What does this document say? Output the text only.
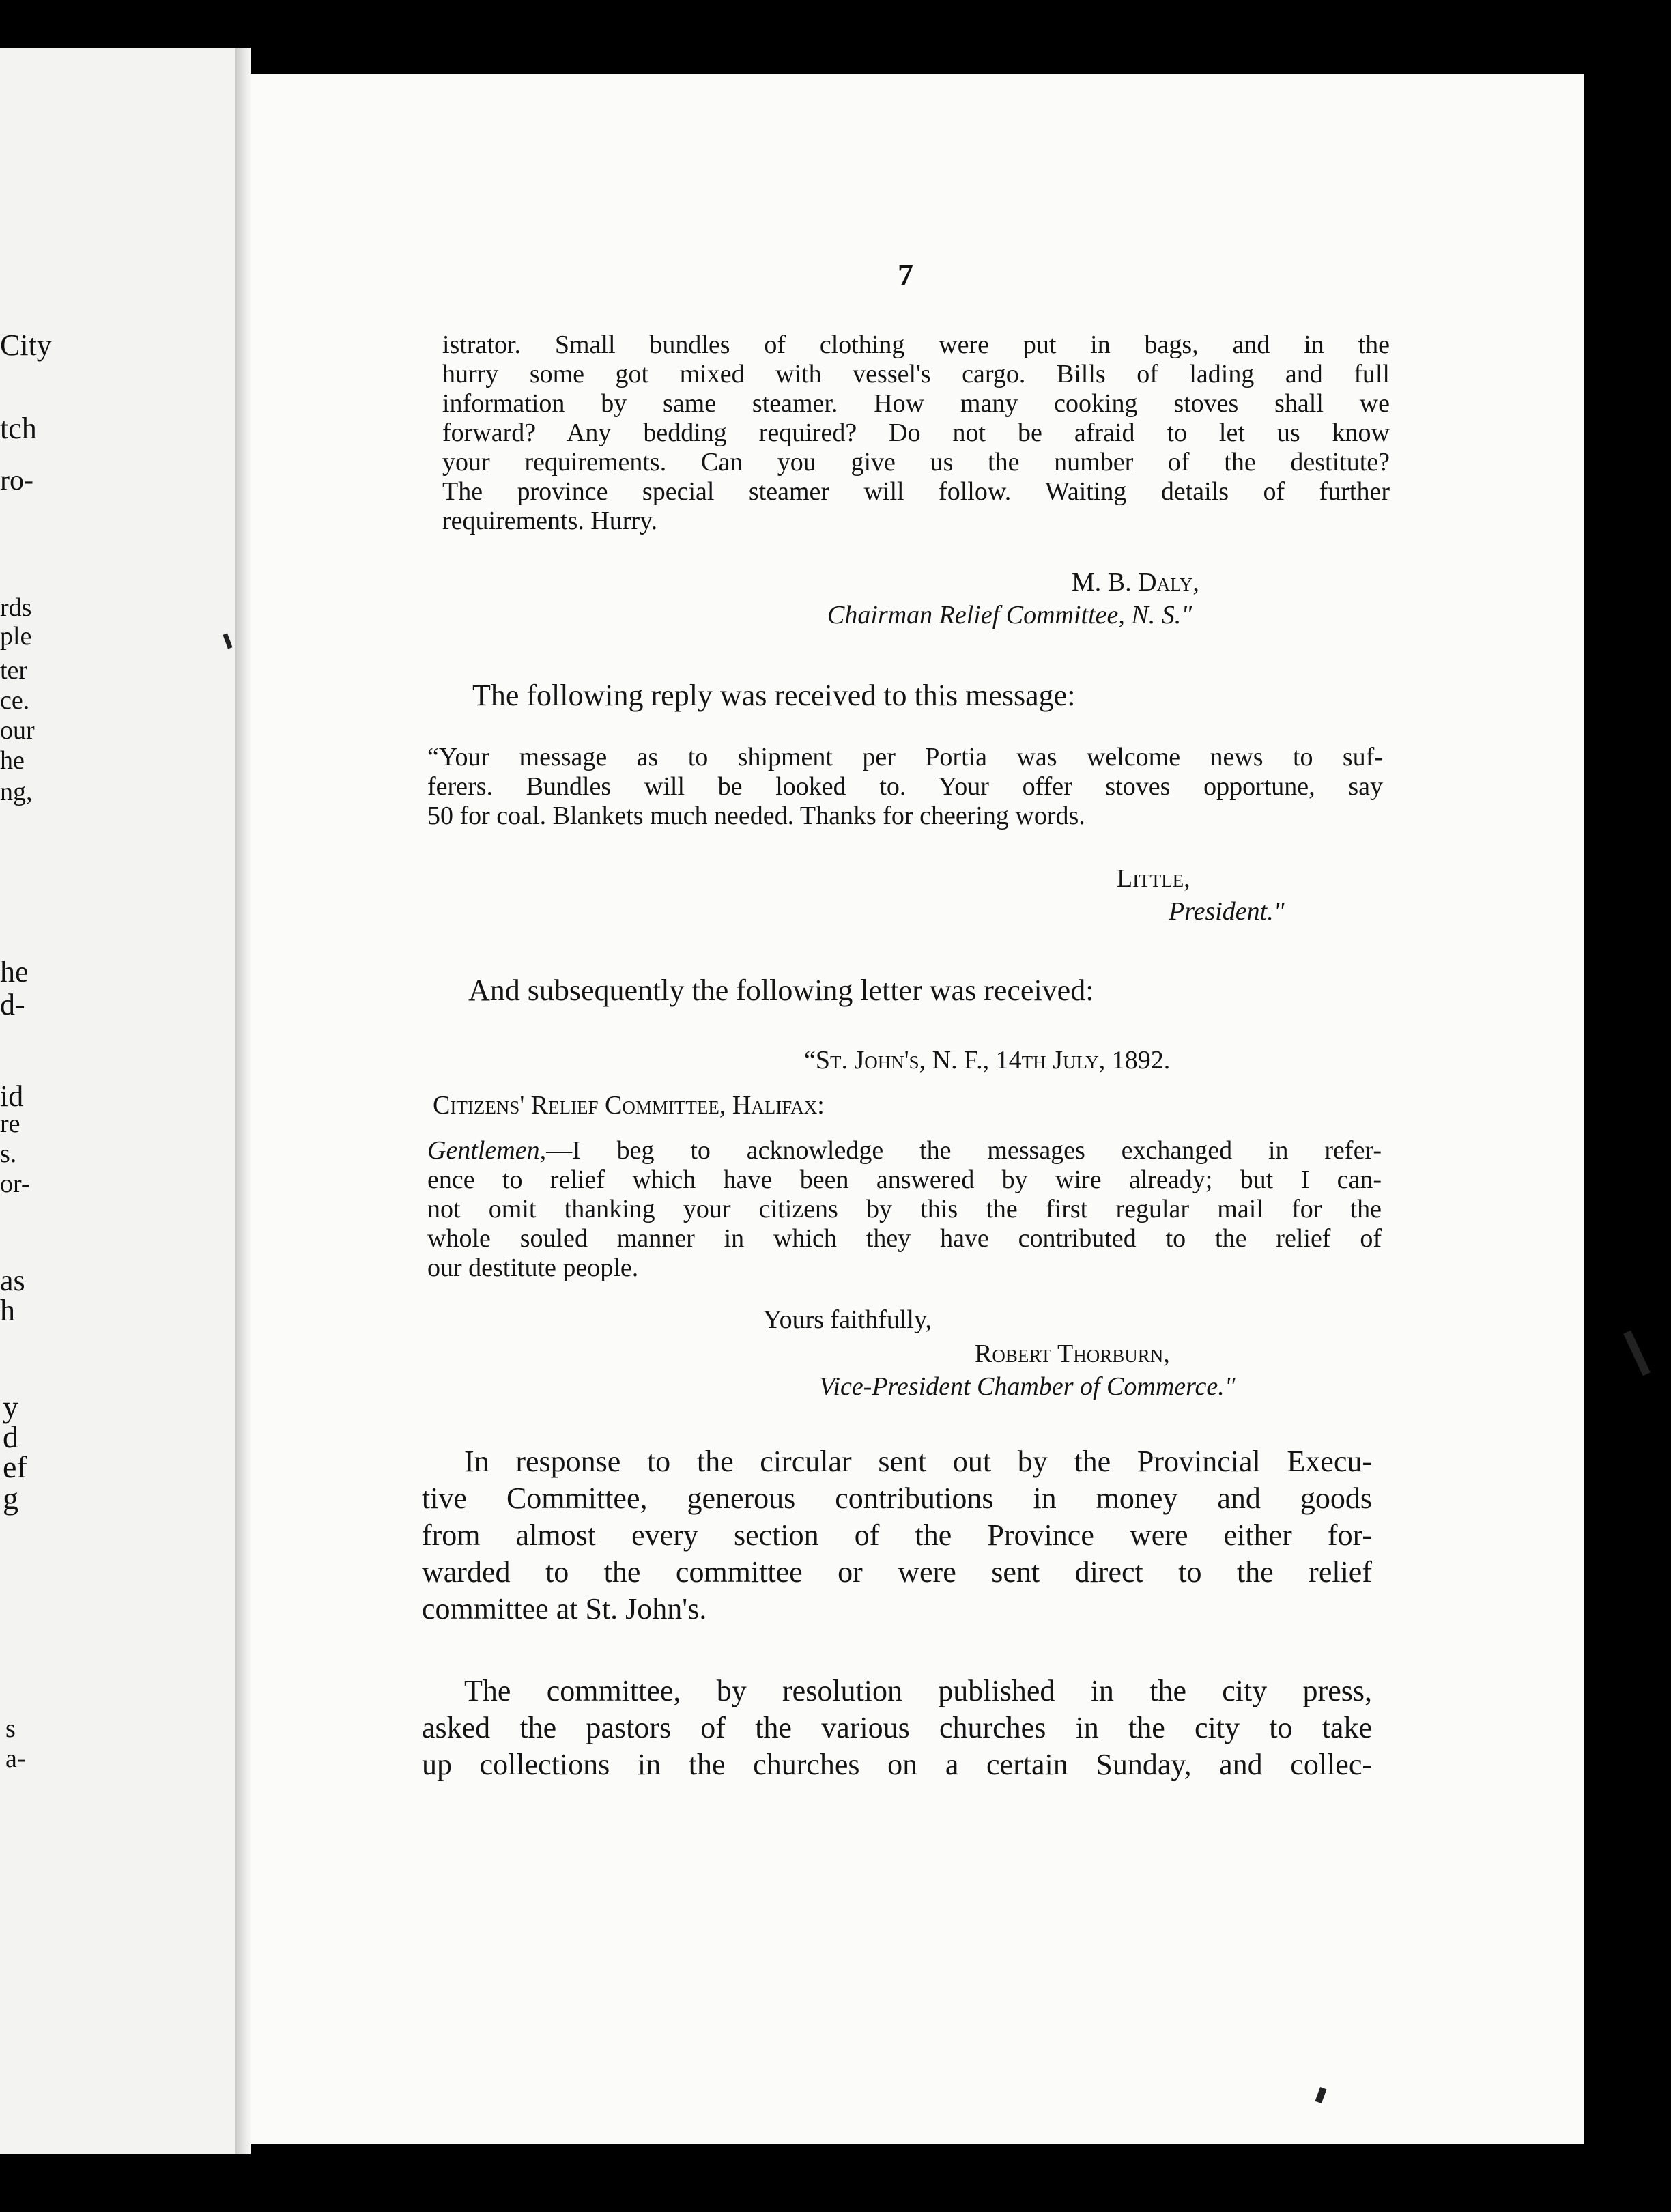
City
tch
ro-
rds
ple
ter
ce.
our
he
ng,
he
d-
id
re
s.
or-
as
h
y
d
ef
g
s
a-
7
istrator. Small bundles of clothing were put in bags, and in the
hurry some got mixed with vessel's cargo. Bills of lading and full
information by same steamer. How many cooking stoves shall we
forward? Any bedding required? Do not be afraid to let us know
your requirements. Can you give us the number of the destitute?
The province special steamer will follow. Waiting details of further
requirements. Hurry.
M. B. Daly,
Chairman Relief Committee, N. S."
The following reply was received to this message:
“Your message as to shipment per Portia was welcome news to suf-
ferers. Bundles will be looked to. Your offer stoves opportune, say
50 for coal. Blankets much needed. Thanks for cheering words.
Little,
President."
And subsequently the following letter was received:
“St. John's, N. F., 14th July, 1892.
Citizens' Relief Committee, Halifax:
Gentlemen,—I beg to acknowledge the messages exchanged in refer-
ence to relief which have been answered by wire already; but I can-
not omit thanking your citizens by this the first regular mail for the
whole souled manner in which they have contributed to the relief of
our destitute people.
Yours faithfully,
Robert Thorburn,
Vice-President Chamber of Commerce."
In response to the circular sent out by the Provincial Execu-
tive Committee, generous contributions in money and goods
from almost every section of the Province were either for-
warded to the committee or were sent direct to the relief
committee at St. John's.
The committee, by resolution published in the city press,
asked the pastors of the various churches in the city to take
up collections in the churches on a certain Sunday, and collec-
